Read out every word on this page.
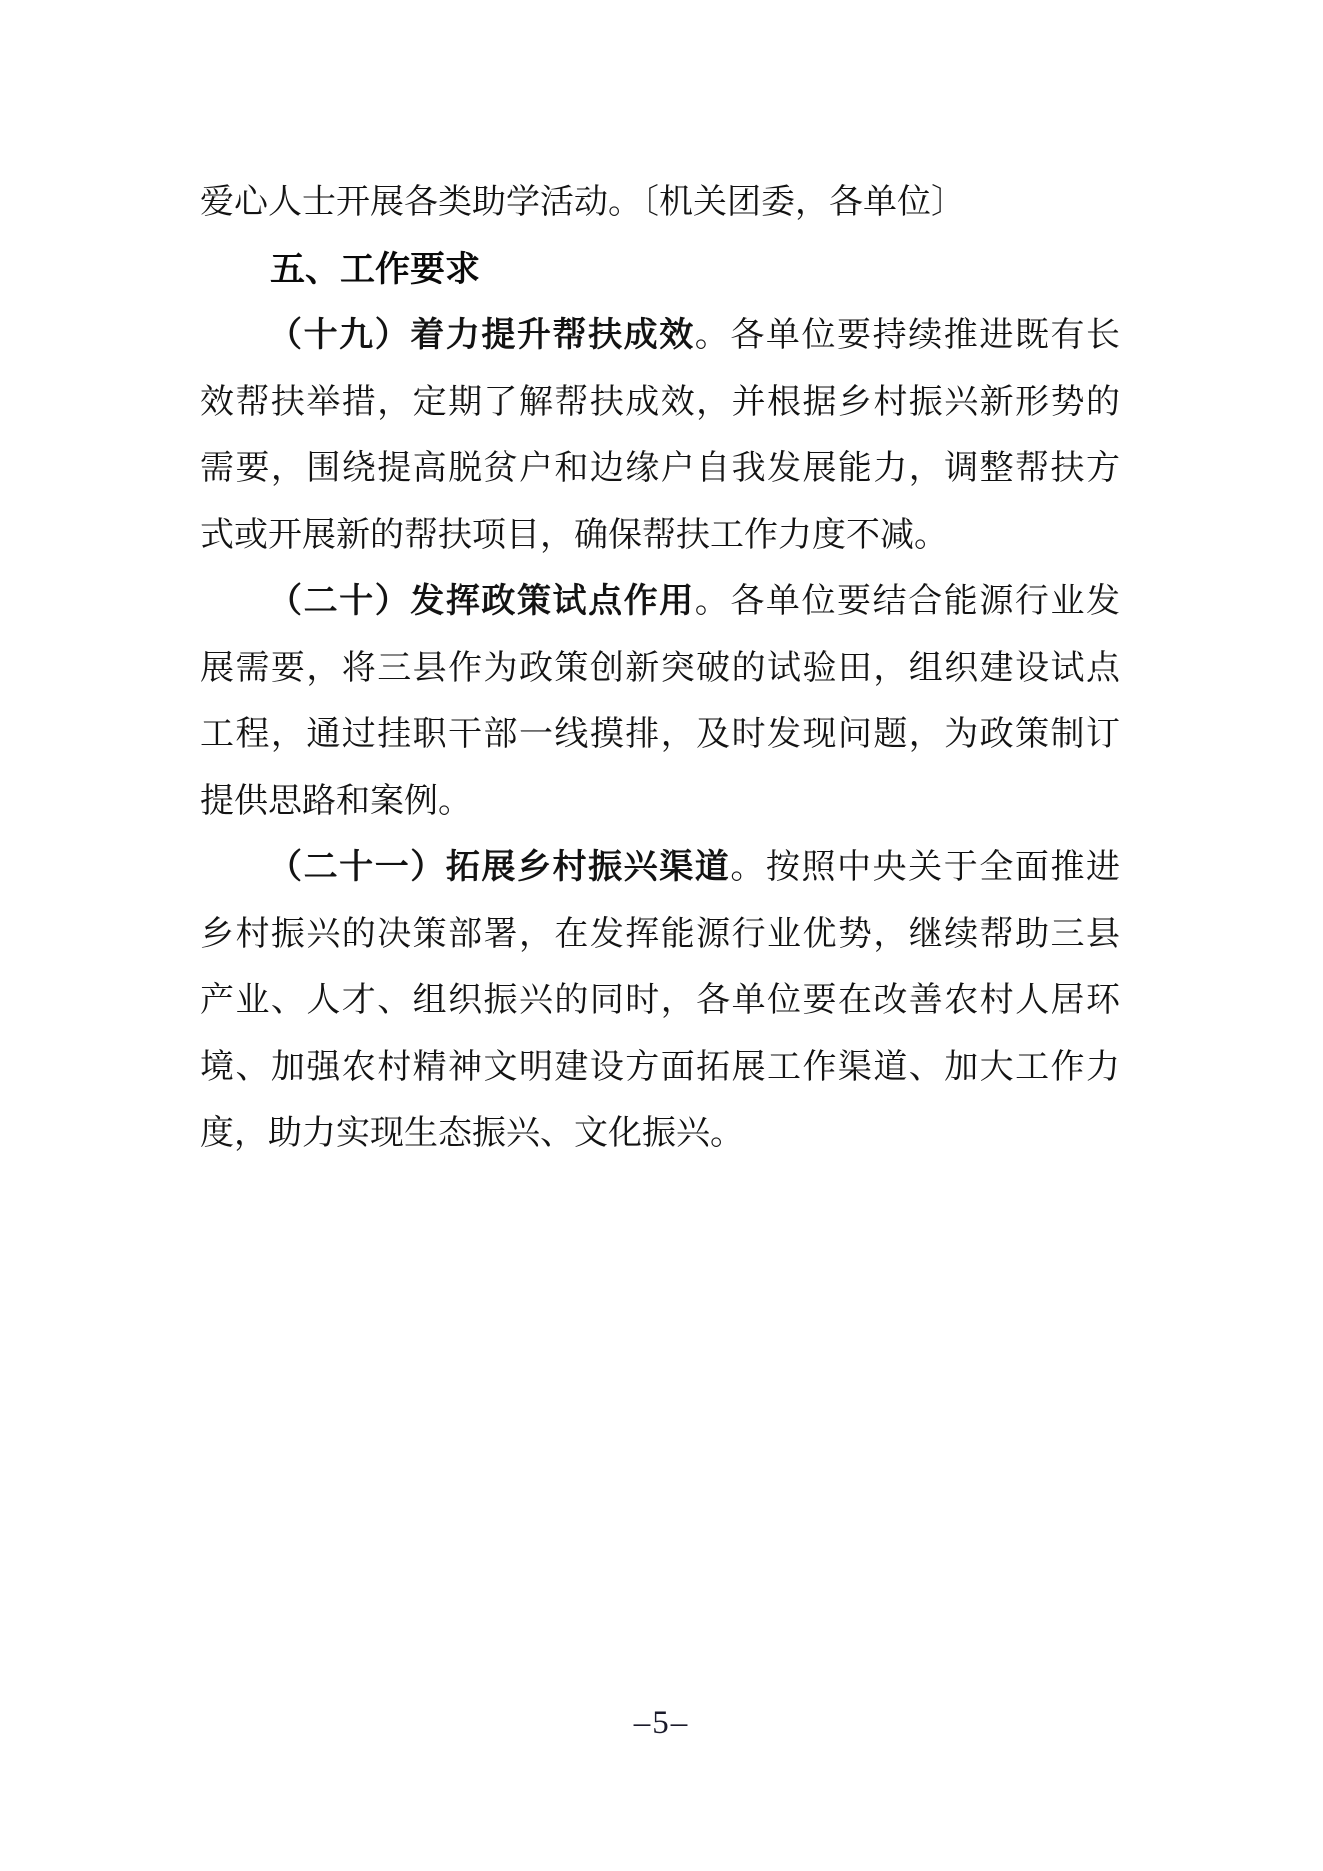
爱心人士开展各类助学活动。〔机关团委，各单位〕
五、工作要求
（十九）着力提升帮扶成效。各单位要持续推进既有长
效帮扶举措，定期了解帮扶成效，并根据乡村振兴新形势的
需要，围绕提高脱贫户和边缘户自我发展能力，调整帮扶方
式或开展新的帮扶项目，确保帮扶工作力度不减。
（二十）发挥政策试点作用。各单位要结合能源行业发
展需要，将三县作为政策创新突破的试验田，组织建设试点
工程，通过挂职干部一线摸排，及时发现问题，为政策制订
提供思路和案例。
（二十一）拓展乡村振兴渠道。按照中央关于全面推进
乡村振兴的决策部署，在发挥能源行业优势，继续帮助三县
产业、人才、组织振兴的同时，各单位要在改善农村人居环
境、加强农村精神文明建设方面拓展工作渠道、加大工作力
度，助力实现生态振兴、文化振兴。
–5–
